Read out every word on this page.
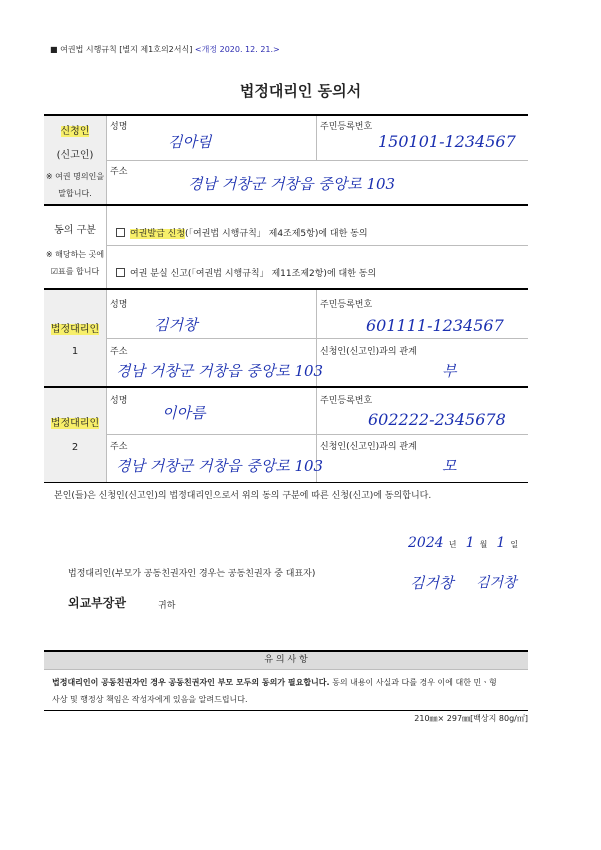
■ 여권법 시행규칙 [별지 제1호의2서식] <개정 2020. 12. 21.>
법정대리인 동의서
신청인
(신고인)
※ 여권 명의인을
말합니다.
성명
김아림
주민등록번호
150101-1234567
주소
경남 거창군 거창읍 중앙로 103
동의 구분
※ 해당하는 곳에
☑표를 합니다
여권발급 신청(「여권법 시행규칙」 제4조제5항)에 대한 동의
여권 분실 신고(「여권법 시행규칙」 제11조제2항)에 대한 동의
법정대리인
1
성명
김거창
주민등록번호
601111-1234567
주소
경남 거창군 거창읍 중앙로 103
신청인(신고인)과의 관계
부
법정대리인
2
성명
이아름
주민등록번호
602222-2345678
주소
경남 거창군 거창읍 중앙로 103
신청인(신고인)과의 관계
모
본인(들)은 신청인(신고인)의 법정대리인으로서 위의 동의 구분에 따른 신청(신고)에 동의합니다.
2024 년 1 월 1 일
법정대리인(부모가 공동친권자인 경우는 공동친권자 중 대표자)	김거창 김거창
외교부장관	귀하
유 의 사 항
법정대리인이 공동친권자인 경우 공동친권자인 부모 모두의 동의가 필요합니다. 동의 내용이 사실과 다를 경우 이에 대한 민ㆍ형
사상 및 행정상 책임은 작성자에게 있음을 알려드립니다.
210㎜× 297㎜[백상지 80g/㎡]
